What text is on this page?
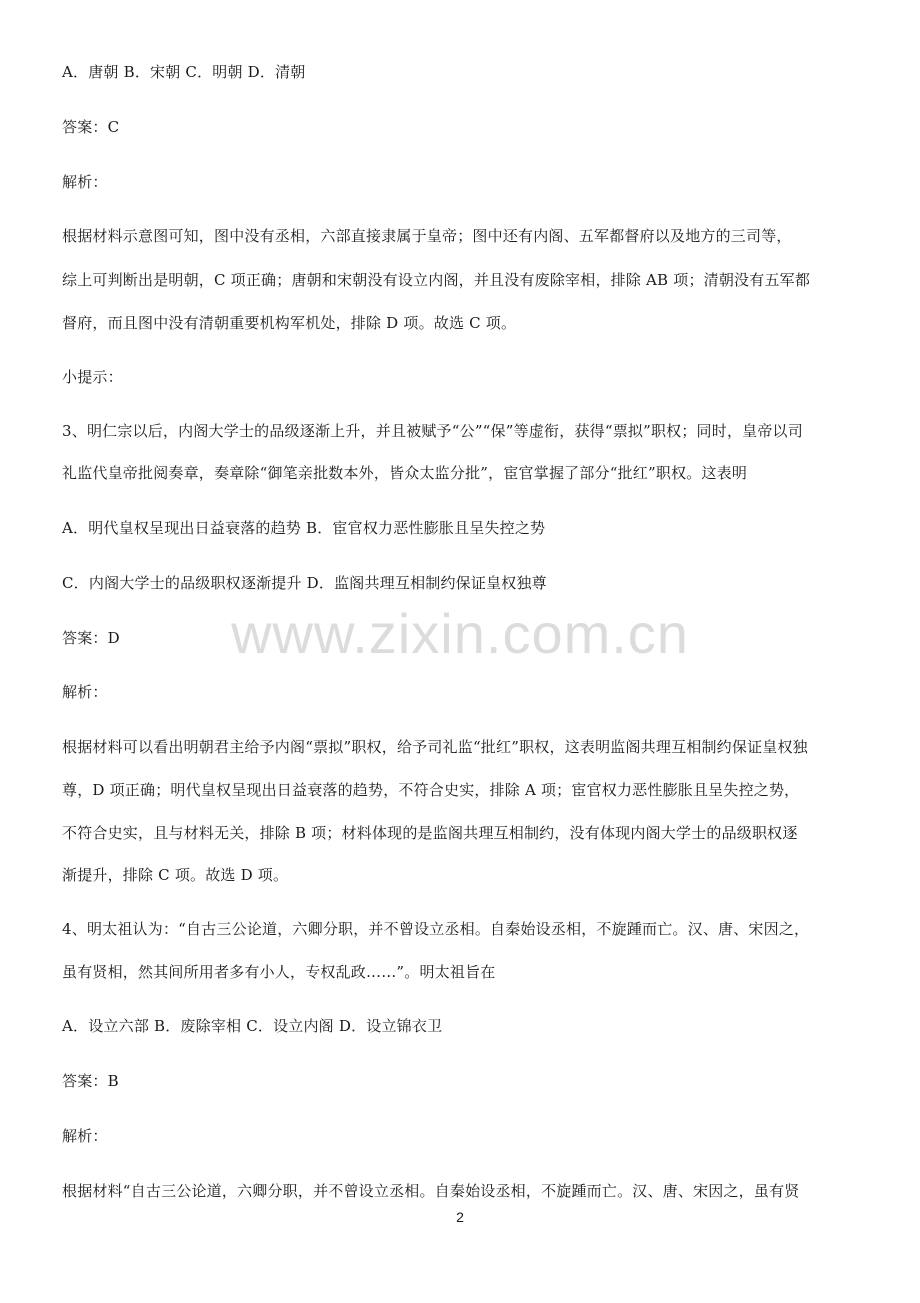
www.zixin.com.cn
A．唐朝 B．宋朝 C．明朝 D．清朝
答案：C
解析：
根据材料示意图可知，图中没有丞相，六部直接隶属于皇帝；图中还有内阁、五军都督府以及地方的三司等，
综上可判断出是明朝，C 项正确；唐朝和宋朝没有设立内阁，并且没有废除宰相，排除 AB 项；清朝没有五军都
督府，而且图中没有清朝重要机构军机处，排除 D 项。故选 C 项。
小提示：
3、明仁宗以后，内阁大学士的品级逐渐上升，并且被赋予“公”“保”等虚衔，获得“票拟”职权；同时，皇帝以司
礼监代皇帝批阅奏章，奏章除“御笔亲批数本外，皆众太监分批”，宦官掌握了部分“批红”职权。这表明
A．明代皇权呈现出日益衰落的趋势 B．宦官权力恶性膨胀且呈失控之势
C．内阁大学士的品级职权逐渐提升 D．监阁共理互相制约保证皇权独尊
答案：D
解析：
根据材料可以看出明朝君主给予内阁“票拟”职权，给予司礼监“批红”职权，这表明监阁共理互相制约保证皇权独
尊，D 项正确；明代皇权呈现出日益衰落的趋势，不符合史实，排除 A 项；宦官权力恶性膨胀且呈失控之势，
不符合史实，且与材料无关，排除 B 项；材料体现的是监阁共理互相制约，没有体现内阁大学士的品级职权逐
渐提升，排除 C 项。故选 D 项。
4、明太祖认为：“自古三公论道，六卿分职，并不曾设立丞相。自秦始设丞相，不旋踵而亡。汉、唐、宋因之，
虽有贤相，然其间所用者多有小人，专权乱政……”。明太祖旨在
A．设立六部 B．废除宰相 C．设立内阁 D．设立锦衣卫
答案：B
解析：
根据材料“自古三公论道，六卿分职，并不曾设立丞相。自秦始设丞相，不旋踵而亡。汉、唐、宋因之，虽有贤
2
